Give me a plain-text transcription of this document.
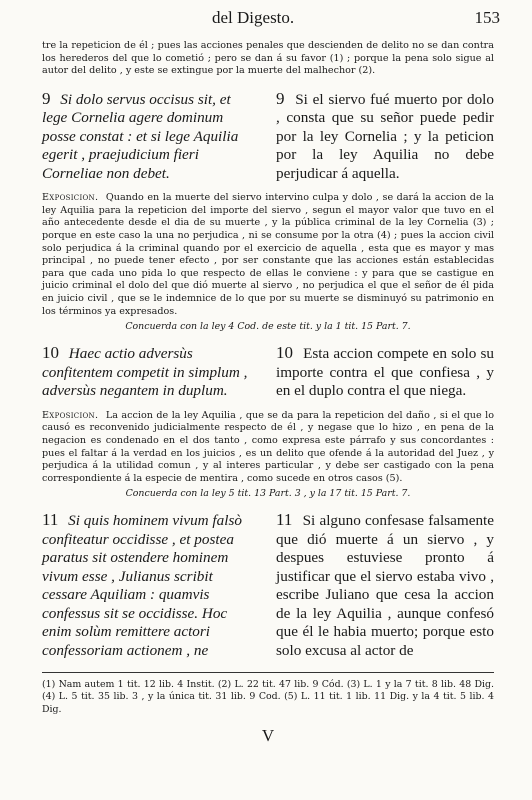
del Digesto.	153
tre la repeticion de él ; pues las acciones penales que descienden de delito no se dan contra los herederos del que lo cometió ; pero se dan á su favor (1) ; porque la pena solo sigue al autor del delito , y este se extingue por la muerte del malhechor (2).
9 Si dolo servus occisus sit, et lege Cornelia agere dominum posse constat : et si lege Aquilia egerit , praejudicium fieri Corneliae non debet.
9 Si el siervo fué muerto por dolo , consta que su señor puede pedir por la ley Cornelia ; y la peticion por la ley Aquilia no debe perjudicar á aquella.
Exposicion. Quando en la muerte del siervo intervino culpa y dolo , se dará la accion de la ley Aquilia para la repeticion del importe del siervo , segun el mayor valor que tuvo en el año antecedente desde el dia de su muerte , y la pública criminal de la ley Cornelia (3) ; porque en este caso la una no perjudica , ni se consume por la otra (4) ; pues la accion civil solo perjudica á la criminal quando por el exercicio de aquella , esta que es mayor y mas principal , no puede tener efecto , por ser constante que las acciones están establecidas para que cada uno pida lo que respecto de ellas le conviene : y para que se castigue en juicio criminal el dolo del que dió muerte al siervo , no perjudica el que el señor de él pida en juicio civil , que se le indemnice de lo que por su muerte se disminuyó su patrimonio en los términos ya expresados.
Concuerda con la ley 4 Cod. de este tit. y la 1 tit. 15 Part. 7.
10 Haec actio adversùs confitentem competit in simplum , adversùs negantem in duplum.
10 Esta accion compete en solo su importe contra el que confiesa , y en el duplo contra el que niega.
Exposicion. La accion de la ley Aquilia , que se da para la repeticion del daño , si el que lo causó es reconvenido judicialmente respecto de él , y negase que lo hizo , en pena de la negacion es condenado en el dos tanto , como expresa este párrafo y sus concordantes : pues el faltar á la verdad en los juicios , es un delito que ofende á la autoridad del Juez , y perjudica á la utilidad comun , y al interes particular , y debe ser castigado con la pena correspondiente á la especie de mentira , como sucede en otros casos (5).
Concuerda con la ley 5 tit. 13 Part. 3 , y la 17 tit. 15 Part. 7.
11 Si quis hominem vivum falsò confiteatur occidisse , et postea paratus sit ostendere hominem vivum esse , Julianus scribit cessare Aquiliam : quamvis confessus sit se occidisse. Hoc enim solùm remittere actori confessoriam actionem , ne
11 Si alguno confesase falsamente que dió muerte á un siervo , y despues estuviese pronto á justificar que el siervo estaba vivo , escribe Juliano que cesa la accion de la ley Aquilia , aunque confesó que él le habia muerto; porque esto solo excusa al actor de
(1) Nam autem 1 tit. 12 lib. 4 Instit. (2) L. 22 tit. 47 lib. 9 Cód. (3) L. 1 y la 7 tit. 8 lib. 48 Dig. (4) L. 5 tit. 35 lib. 3 , y la única tit. 31 lib. 9 Cod. (5) L. 11 tit. 1 lib. 11 Dig. y la 4 tit. 5 lib. 4 Dig.
V
